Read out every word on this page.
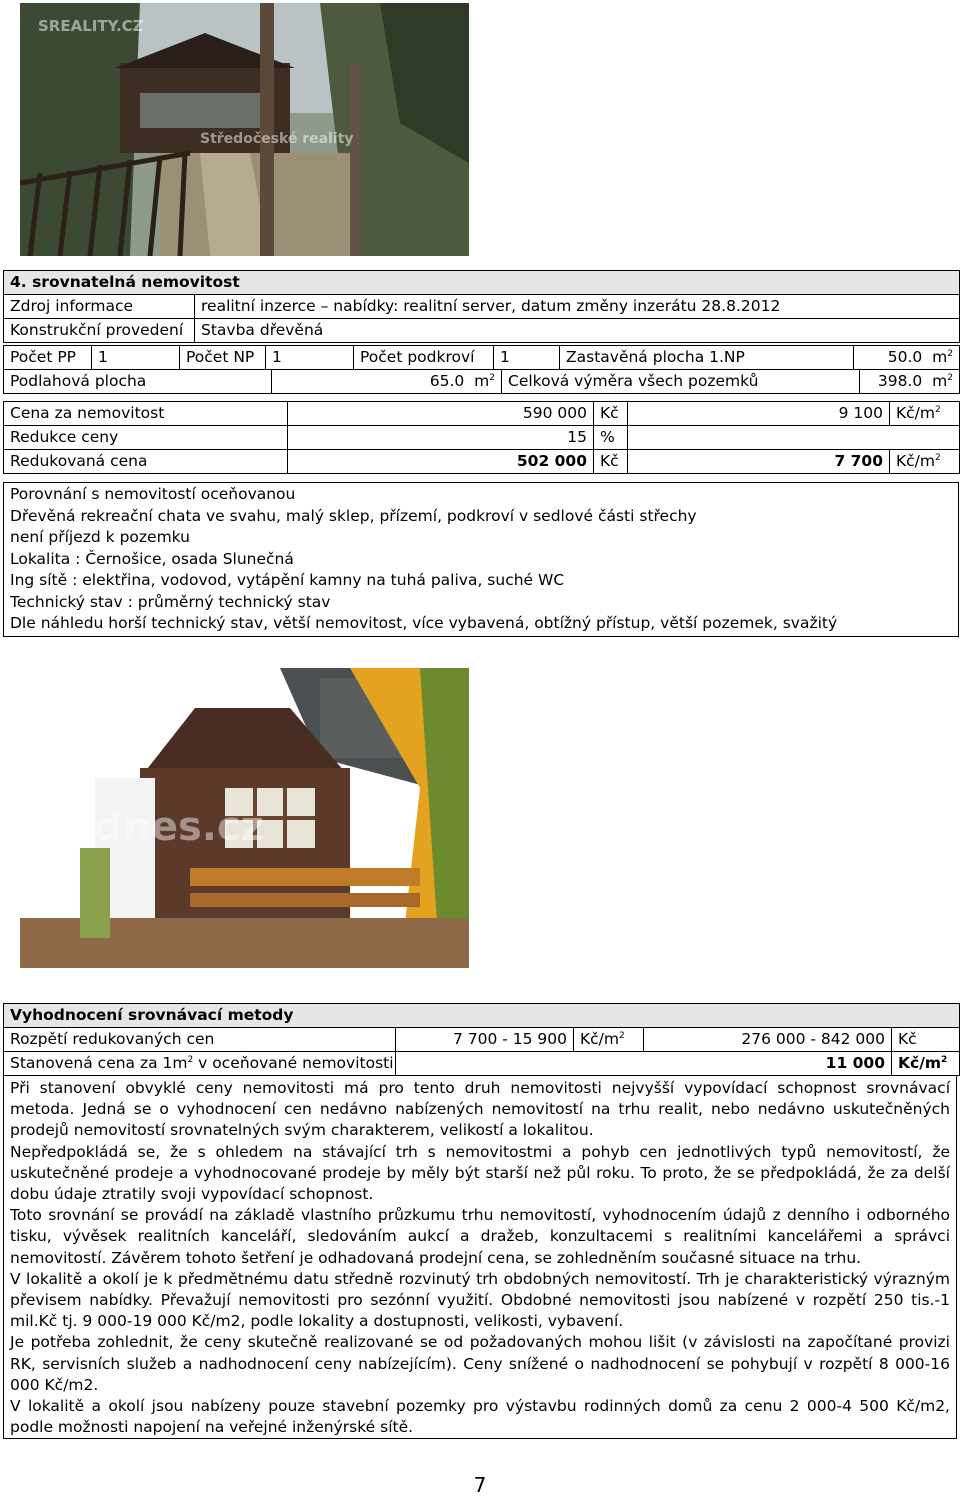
SREALITY.CZ
Středočeské reality
4. srovnatelná nemovitost	
Zdroj informace	realitní inzerce – nabídky: realitní server, datum změny inzerátu 28.8.2012
Konstrukční provedení	Stavba dřevěná
Počet PP	1	Počet NP	1	Počet podkroví	1	Zastavěná plocha 1.NP	50.0 $m^2$
Podlahová plocha	65.0 $m^2$	Celková výměra všech pozemků	398.0 $m^2$
Cena za nemovitost	590 000	Kč	9 100	$Kč/m^2$
Redukce ceny	15	%		
Redukovaná cena	502 000	Kč	7 700	$Kč/m^2$
Porovnání s nemovitostí oceňovanou
Dřevěná rekreační chata ve svahu, malý sklep, přízemí, podkroví v sedlové části střechy
není příjezd k pozemku
Lokalita : Černošice, osada Slunečná
Ing sítě : elektřina, vodovod, vytápění kamny na tuhá paliva, suché WC
Technický stav : průměrný technický stav
Dle náhledu horší technický stav, větší nemovitost, více vybavená, obtížný přístup, větší pozemek, svažitý
idnes.cz
Vyhodnocení srovnávací metody				
Rozpětí redukovaných cen	7 700 - 15 900	$Kč/m^2$	276 000 - 842 000	Kč
Stanovená cena za $1m^2$ v oceňované nemovitosti	11 000			$Kč/m^2$

Při stanovení obvyklé ceny nemovitosti má pro tento druh nemovitosti nejvyšší vypovídací schopnost srovnávací metoda. Jedná se o vyhodnocení cen nedávno nabízených nemovitostí na trhu realit, nebo nedávno uskutečněných prodejů nemovitostí srovnatelných svým charakterem, velikostí a lokalitou.

Nepředpokládá se, že s ohledem na stávající trh s nemovitostmi a pohyb cen jednotlivých typů nemovitostí, že uskutečněné prodeje a vyhodnocované prodeje by měly být starší než půl roku. To proto, že se předpokládá, že za delší dobu údaje ztratily svoji vypovídací schopnost.

Toto srovnání se provádí na základě vlastního průzkumu trhu nemovitostí, vyhodnocením údajů z denního i odborného tisku, vývěsek realitních kanceláří, sledováním aukcí a dražeb, konzultacemi s realitními kancelářemi a správci nemovitostí. Závěrem tohoto šetření je odhadovaná prodejní cena, se zohledněním současné situace na trhu.

V lokalitě a okolí je k předmětnému datu středně rozvinutý trh obdobných nemovitostí. Trh je charakteristický výrazným převisem nabídky. Převažují nemovitosti pro sezónní využití. Obdobné nemovitosti jsou nabízené v rozpětí 250 tis.-1 mil.Kč tj. 9 000-19 000 Kč/m2, podle lokality a dostupnosti, velikosti, vybavení.

Je potřeba zohlednit, že ceny skutečně realizované se od požadovaných mohou lišit (v závislosti na započítané provizi RK, servisních služeb a nadhodnocení ceny nabízejícím). Ceny snížené o nadhodnocení se pohybují v rozpětí 8 000-16 000 Kč/m2.

V lokalitě a okolí jsou nabízeny pouze stavební pozemky pro výstavbu rodinných domů za cenu 2 000-4 500 Kč/m2, podle možnosti napojení na veřejné inženýrské sítě.

7
